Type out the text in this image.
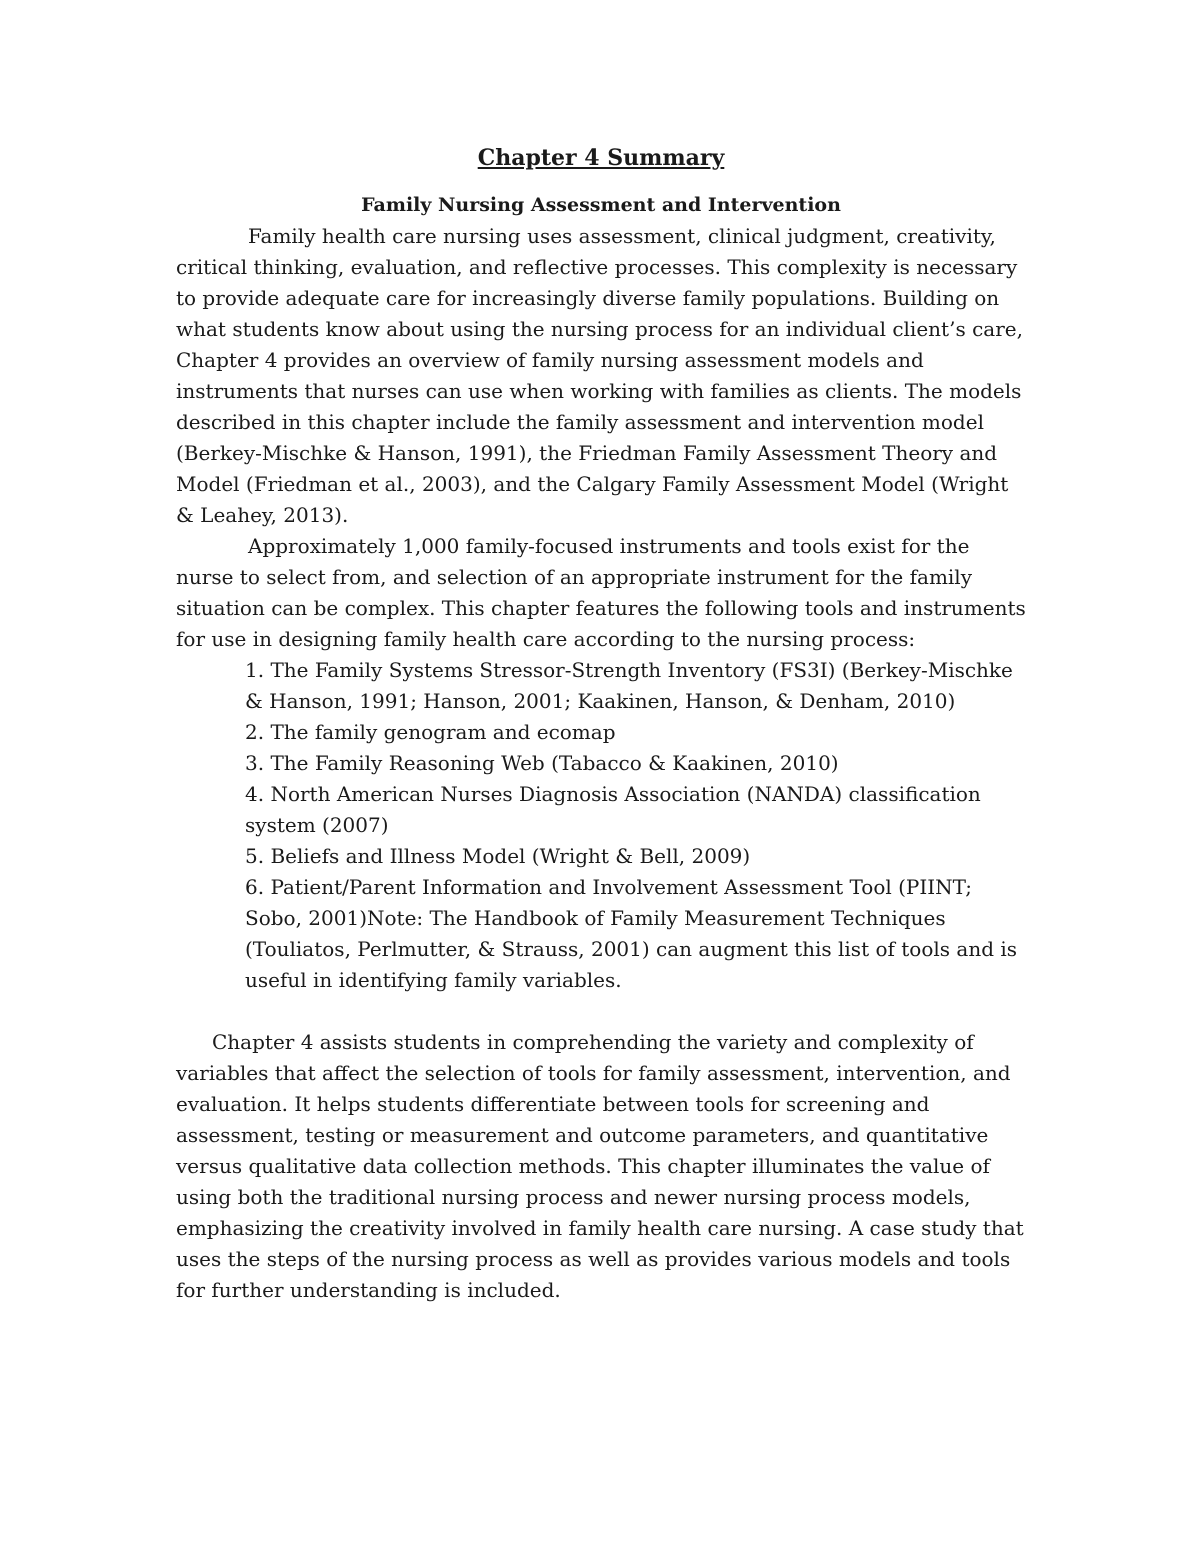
Chapter 4 Summary
Family Nursing Assessment and Intervention

Family health care nursing uses assessment, clinical judgment, creativity, critical thinking, evaluation, and reflective processes. This complexity is necessary to provide adequate care for increasingly diverse family populations. Building on what students know about using the nursing process for an individual client’s care, Chapter 4 provides an overview of family nursing assessment models and instruments that nurses can use when working with families as clients. The models described in this chapter include the family assessment and intervention model (Berkey-Mischke & Hanson, 1991), the Friedman Family Assessment Theory and Model (Friedman et al., 2003), and the Calgary Family Assessment Model (Wright & Leahey, 2013).

Approximately 1,000 family-focused instruments and tools exist for the nurse to select from, and selection of an appropriate instrument for the family situation can be complex. This chapter features the following tools and instruments for use in designing family health care according to the nursing process:

1. The Family Systems Stressor-Strength Inventory (FS3I) (Berkey-Mischke & Hanson, 1991; Hanson, 2001; Kaakinen, Hanson, & Denham, 2010)
2. The family genogram and ecomap
3. The Family Reasoning Web (Tabacco & Kaakinen, 2010)
4. North American Nurses Diagnosis Association (NANDA) classification system (2007)
5. Beliefs and Illness Model (Wright & Bell, 2009)
6. Patient/Parent Information and Involvement Assessment Tool (PIINT; Sobo, 2001)Note: The Handbook of Family Measurement Techniques (Touliatos, Perlmutter, & Strauss, 2001) can augment this list of tools and is useful in identifying family variables.

Chapter 4 assists students in comprehending the variety and complexity of variables that affect the selection of tools for family assessment, intervention, and evaluation. It helps students differentiate between tools for screening and assessment, testing or measurement and outcome parameters, and quantitative versus qualitative data collection methods. This chapter illuminates the value of using both the traditional nursing process and newer nursing process models, emphasizing the creativity involved in family health care nursing. A case study that uses the steps of the nursing process as well as provides various models and tools for further understanding is included.
